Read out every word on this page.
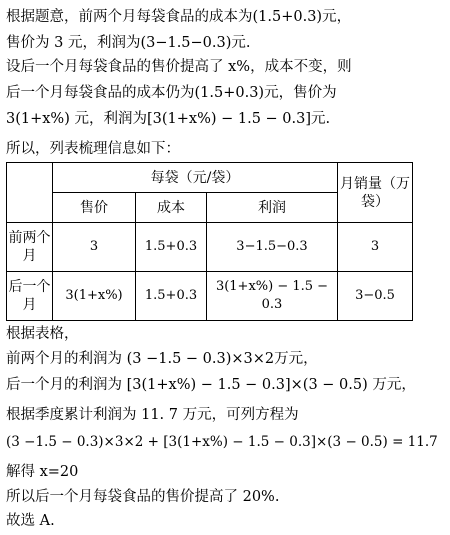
根据题意，前两个月每袋食品的成本为(1.5+0.3)元，
售价为 3 元，利润为(3−1.5−0.3)元.
设后一个月每袋食品的售价提高了 x%，成本不变，则
后一个月每袋食品的成本仍为(1.5+0.3)元，售价为
3(1+x%) 元，利润为[3(1+x%) − 1.5 − 0.3]元.
所以，列表梳理信息如下：
	每袋（元/袋）			月销量（万袋）
	售价	成本	利润	
前两个月	3	1.5+0.3	3−1.5−0.3	3
后一个月	3(1+x%)	1.5+0.3	3(1+x%) − 1.5 − 0.3	3−0.5
根据表格，
前两个月的利润为 (3 −1.5 − 0.3)×3×2万元，
后一个月的利润为 [3(1+x%) − 1.5 − 0.3]×(3 − 0.5) 万元，
根据季度累计利润为 11. 7 万元，可列方程为
(3 −1.5 − 0.3)×3×2 + [3(1+x%) − 1.5 − 0.3]×(3 − 0.5) = 11.7
解得 x=20
所以后一个月每袋食品的售价提高了 20%.
故选 A.
